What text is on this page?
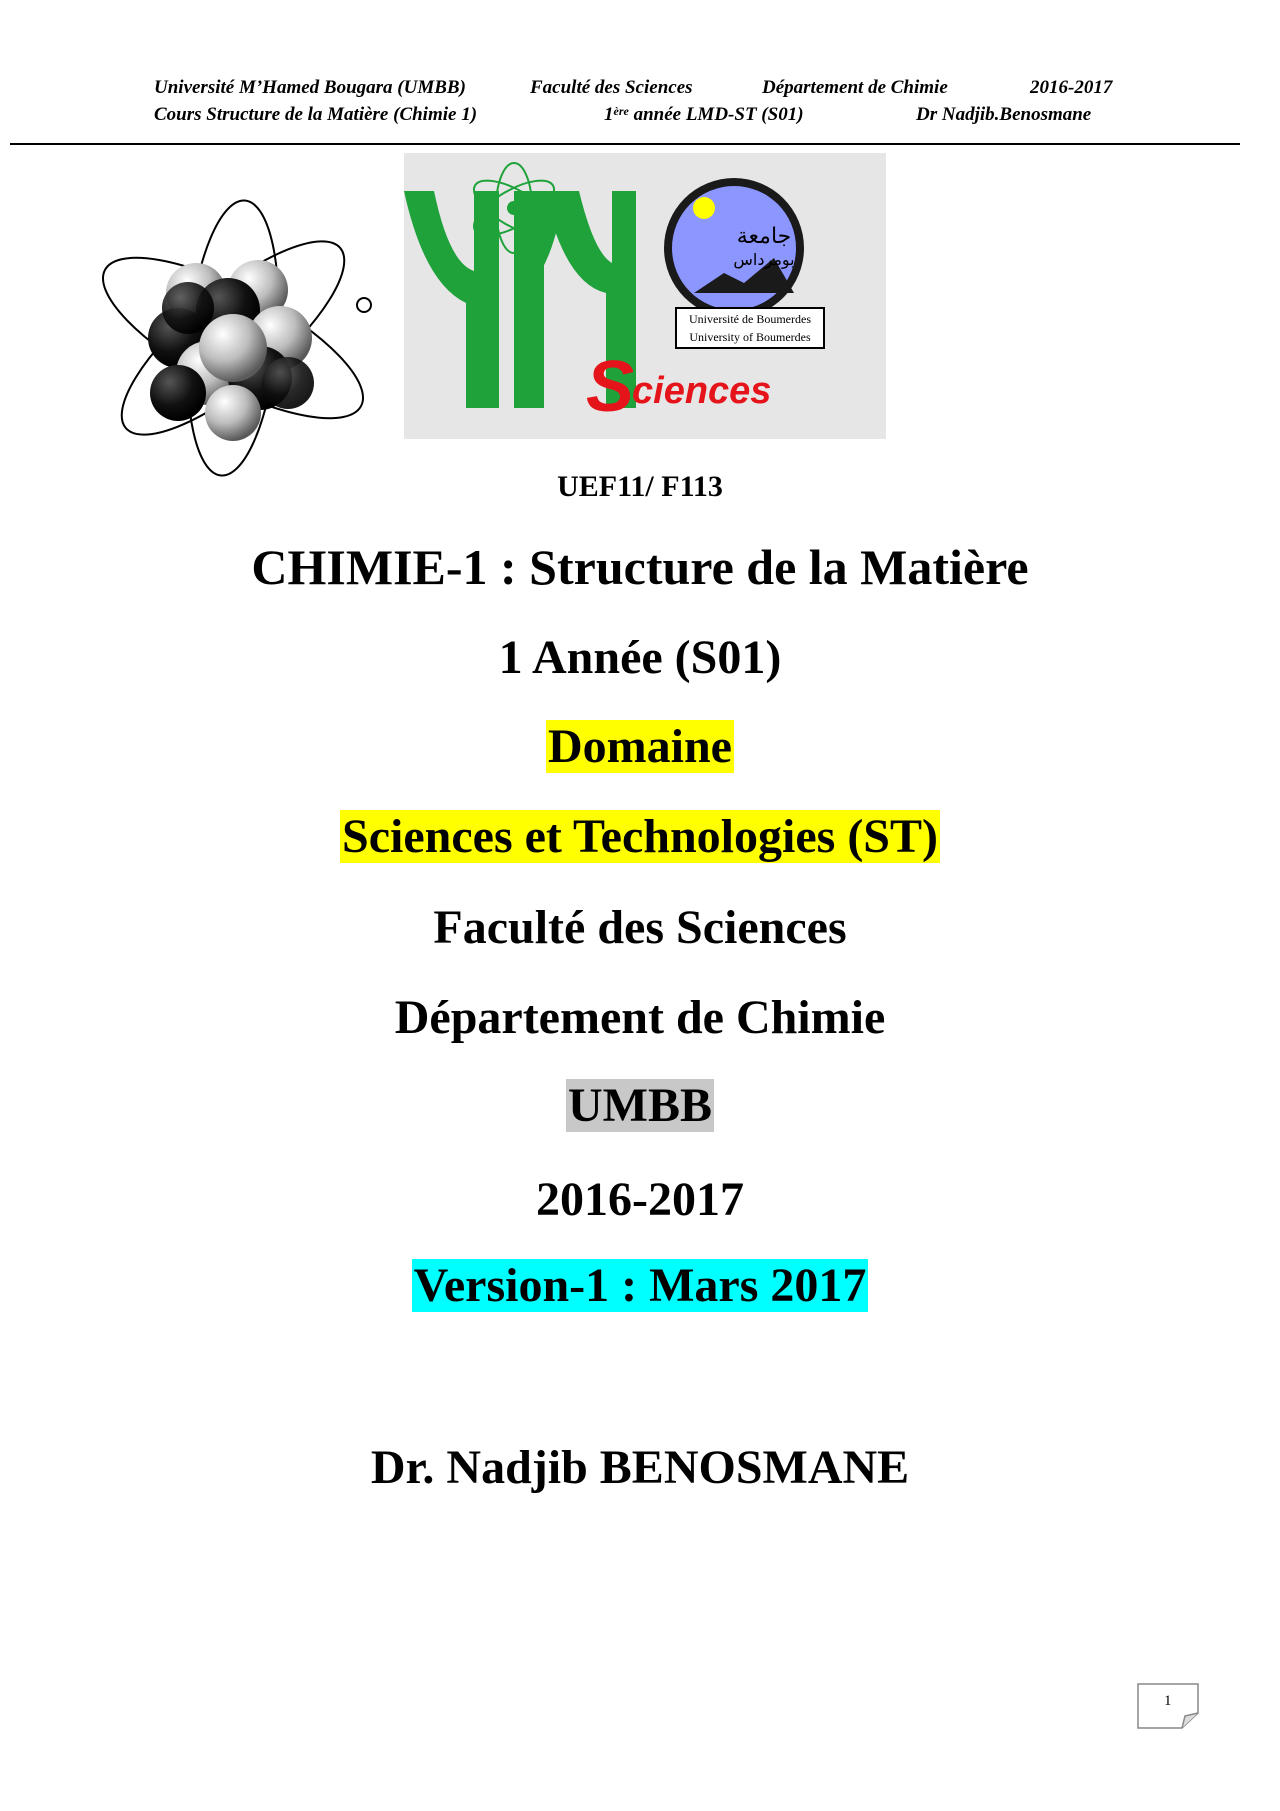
Université M’Hamed Bougara (UMBB)	Faculté des Sciences	Département de Chimie	2016-2017
Cours Structure de la Matière (Chimie 1)	1ère année LMD-ST (S01)	Dr Nadjib.Benosmane
جامعة
بومرداس
Université de Boumerdes
University of Boumerdes
S
ciences
UEF11/ F113
CHIMIE-1 : Structure de la Matière
1 Année (S01)
Domaine
Sciences et Technologies (ST)
Faculté des Sciences
Département de Chimie
UMBB
2016-2017
Version-1 : Mars 2017
Dr. Nadjib BENOSMANE
1
